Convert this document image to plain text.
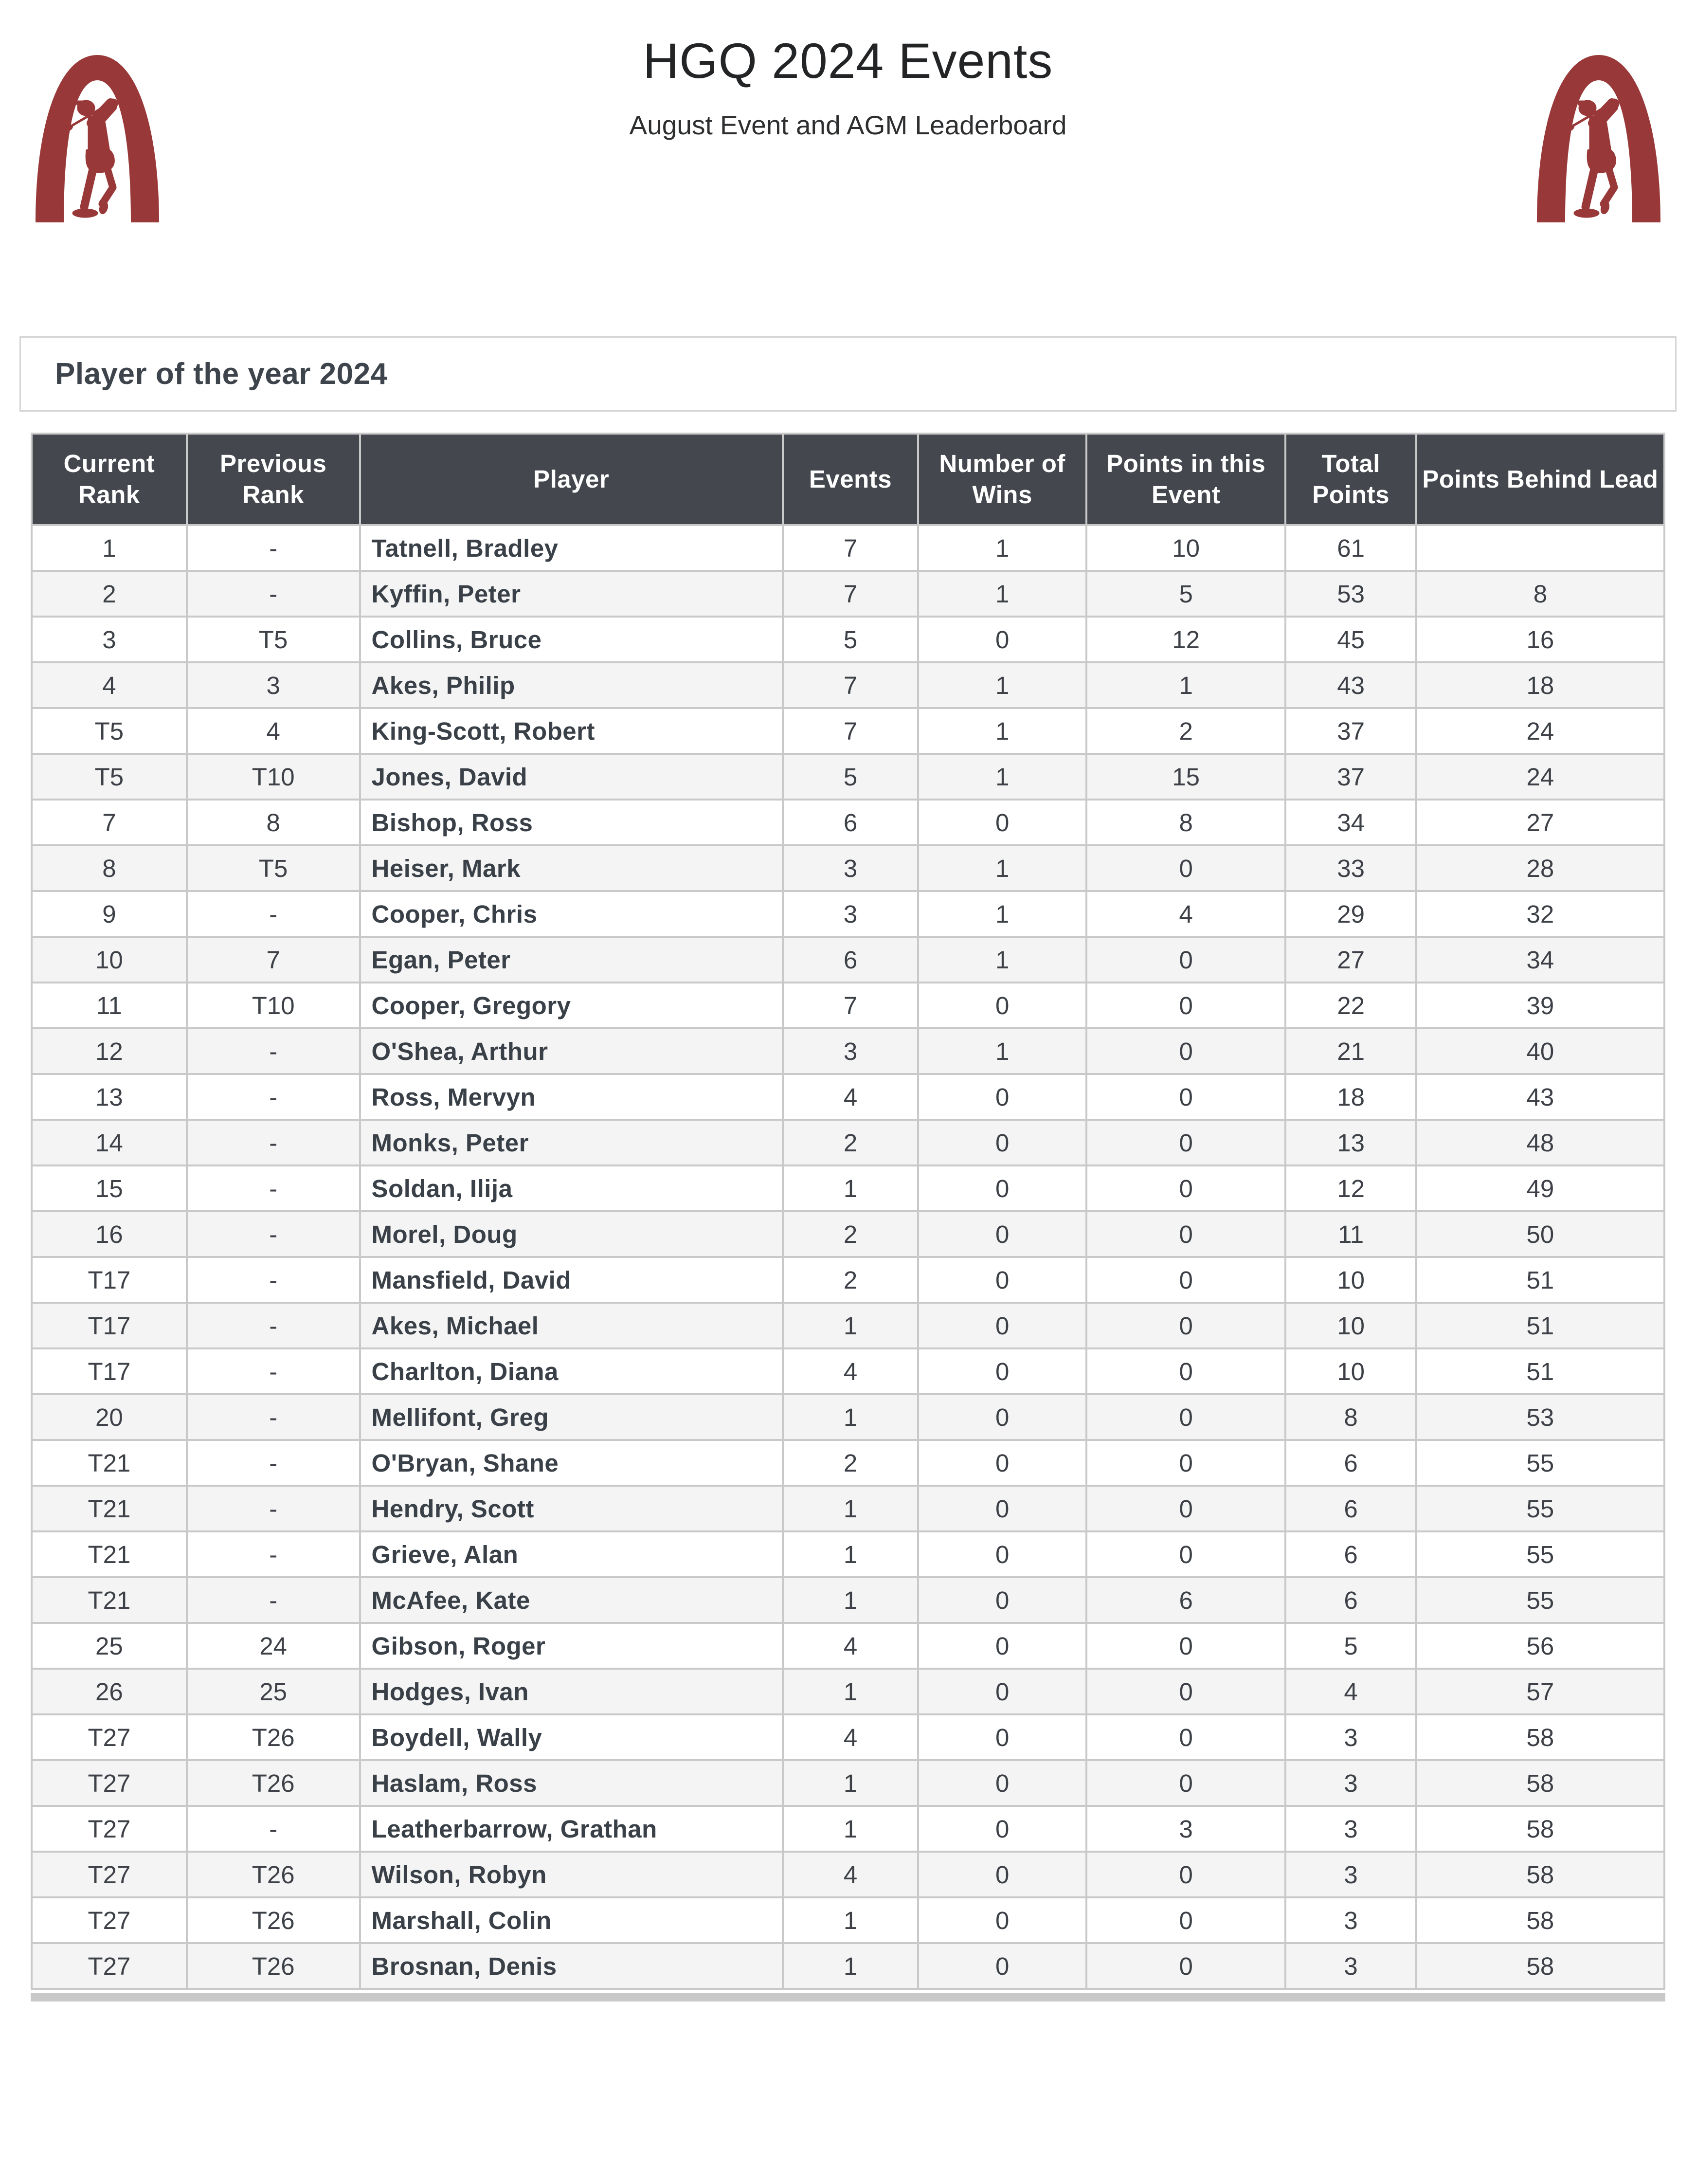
HGQ 2024 Events
August Event and AGM Leaderboard
Player of the year 2024
Current Rank	Previous Rank	Player	Events	Number of Wins	Points in this Event	Total Points	Points Behind Lead
1	-	Tatnell, Bradley	7	1	10	61	
2	-	Kyffin, Peter	7	1	5	53	8
3	T5	Collins, Bruce	5	0	12	45	16
4	3	Akes, Philip	7	1	1	43	18
T5	4	King-Scott, Robert	7	1	2	37	24
T5	T10	Jones, David	5	1	15	37	24
7	8	Bishop, Ross	6	0	8	34	27
8	T5	Heiser, Mark	3	1	0	33	28
9	-	Cooper, Chris	3	1	4	29	32
10	7	Egan, Peter	6	1	0	27	34
11	T10	Cooper, Gregory	7	0	0	22	39
12	-	O'Shea, Arthur	3	1	0	21	40
13	-	Ross, Mervyn	4	0	0	18	43
14	-	Monks, Peter	2	0	0	13	48
15	-	Soldan, Ilija	1	0	0	12	49
16	-	Morel, Doug	2	0	0	11	50
T17	-	Mansfield, David	2	0	0	10	51
T17	-	Akes, Michael	1	0	0	10	51
T17	-	Charlton, Diana	4	0	0	10	51
20	-	Mellifont, Greg	1	0	0	8	53
T21	-	O'Bryan, Shane	2	0	0	6	55
T21	-	Hendry, Scott	1	0	0	6	55
T21	-	Grieve, Alan	1	0	0	6	55
T21	-	McAfee, Kate	1	0	6	6	55
25	24	Gibson, Roger	4	0	0	5	56
26	25	Hodges, Ivan	1	0	0	4	57
T27	T26	Boydell, Wally	4	0	0	3	58
T27	T26	Haslam, Ross	1	0	0	3	58
T27	-	Leatherbarrow, Grathan	1	0	3	3	58
T27	T26	Wilson, Robyn	4	0	0	3	58
T27	T26	Marshall, Colin	1	0	0	3	58
T27	T26	Brosnan, Denis	1	0	0	3	58
